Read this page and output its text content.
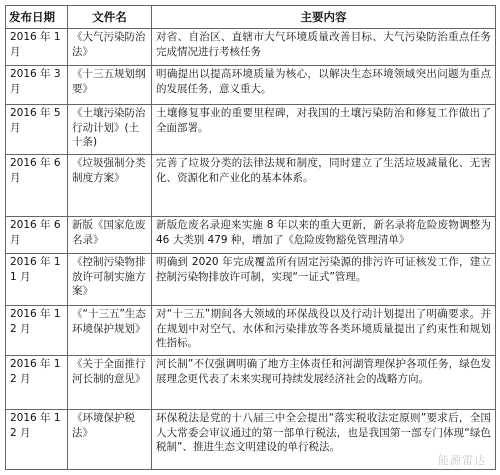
发布日期	文件名	主要内容
2016 年 1 月	《大气污染防治法》	对省、自治区、直辖市大气环境质量改善目标、大气污染防治重点任务完成情况进行考核任务
2016 年 3 月	《十三五规划纲要》	明确提出以提高环境质量为核心，以解决生态环境领域突出问题为重点的发展任务，意义重大。
2016 年 5 月	《土壤污染防治行动计划》(土十条)	土壤修复事业的重要里程碑，对我国的土壤污染防治和修复工作做出了全面部署。
2016 年 6 月	《垃圾强制分类制度方案》	完善了垃圾分类的法律法规和制度，同时建立了生活垃圾减量化、无害化、资源化和产业化的基本体系。
2016 年 6 月	新版《国家危废名录》	新版危废名录迎来实施 8 年以来的重大更新，新名录将危险废物调整为 46 大类别 479 种，增加了《危险废物豁免管理清单》
2016 年 11 月	《控制污染物排放许可制实施方案》	明确到 2020 年完成覆盖所有固定污染源的排污许可证核发工作，建立控制污染物排放许可制，实现“一证式”管理。
2016 年 12 月	《“十三五”生态环境保护规划》	对“十三五”期间各大领域的环保战役以及行动计划提出了明确要求。并在规划中对空气、水体和污染排放等各类环境质量提出了约束性和规划性指标。
2016 年 12 月	《关于全面推行河长制的意见》	河长制”不仅强调明确了地方主体责任和河湖管理保护各项任务，绿色发展理念更代表了未来实现可持续发展经济社会的战略方向。
2016 年 12 月	《环境保护税法》	环保税法是党的十八届三中全会提出“落实税收法定原则”要求后，全国人大常委会审议通过的第一部单行税法，也是我国第一部专门体现“绿色税制”、推进生态文明建设的单行税法。
能源雷达
